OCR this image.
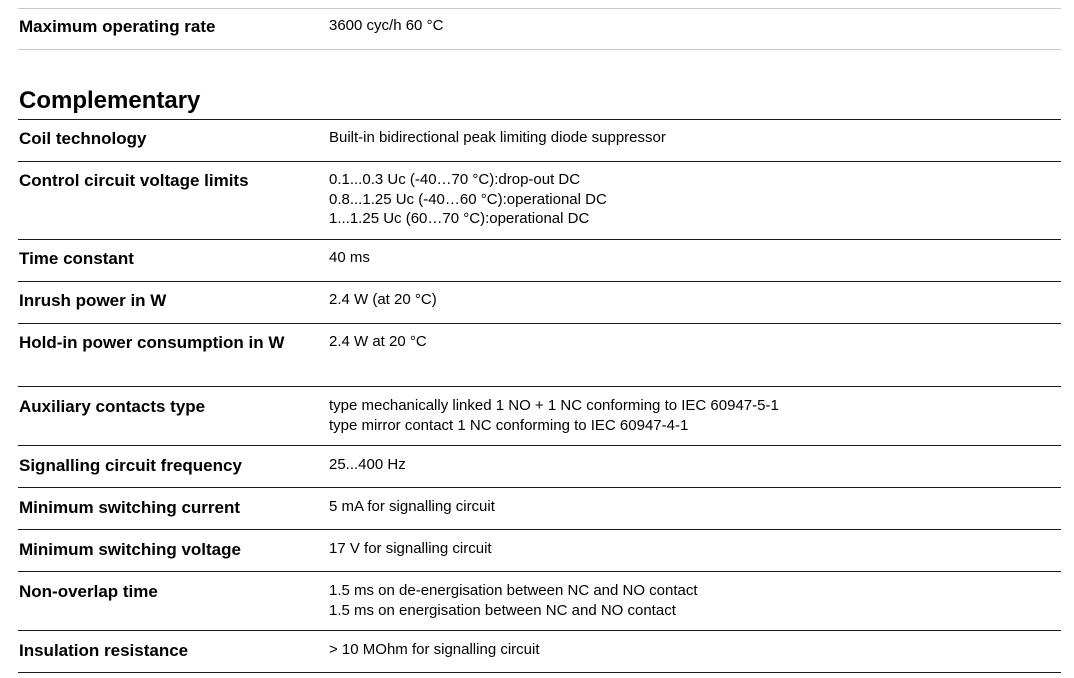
Maximum operating rate	3600 cyc/h 60 °C
Complementary
Coil technology	Built-in bidirectional peak limiting diode suppressor
Control circuit voltage limits	0.1...0.3 Uc (-40…70 °C):drop-out DC
0.8...1.25 Uc (-40…60 °C):operational DC
1...1.25 Uc (60…70 °C):operational DC
Time constant	40 ms
Inrush power in W	2.4 W (at 20 °C)
Hold-in power consumption in W	2.4 W at 20 °C
Auxiliary contacts type	type mechanically linked 1 NO + 1 NC conforming to IEC 60947-5-1
type mirror contact 1 NC conforming to IEC 60947-4-1
Signalling circuit frequency	25...400 Hz
Minimum switching current	5 mA for signalling circuit
Minimum switching voltage	17 V for signalling circuit
Non-overlap time	1.5 ms on de-energisation between NC and NO contact
1.5 ms on energisation between NC and NO contact
Insulation resistance	> 10 MOhm for signalling circuit
